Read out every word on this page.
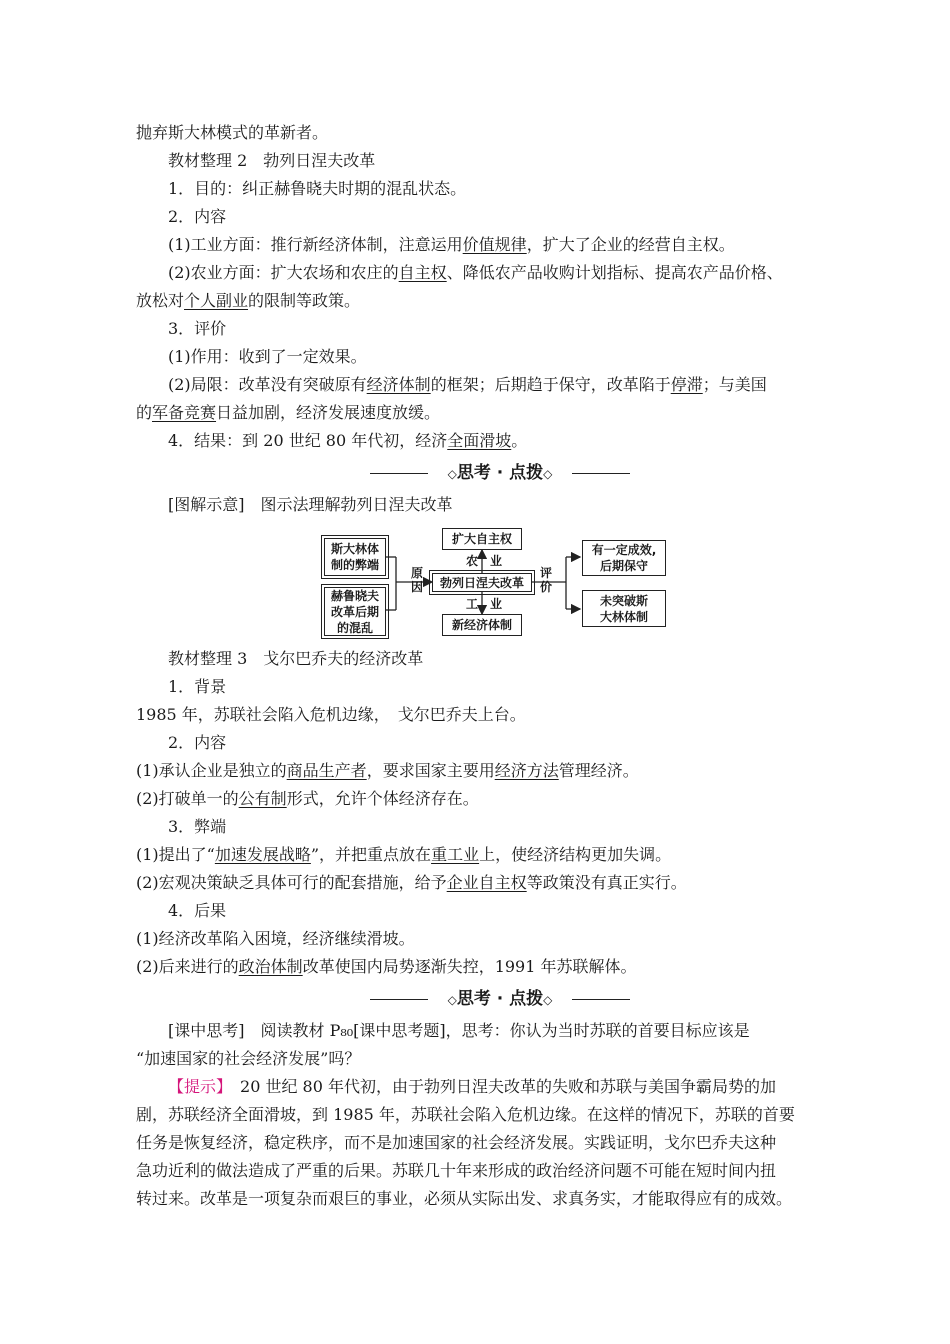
抛弃斯大林模式的革新者。
教材整理 2　勃列日涅夫改革
1．目的：纠正赫鲁晓夫时期的混乱状态。
2．内容
(1)工业方面：推行新经济体制，注意运用价值规律，扩大了企业的经营自主权。
(2)农业方面：扩大农场和农庄的自主权、降低农产品收购计划指标、提高农产品价格、
放松对个人副业的限制等政策。
3．评价
(1)作用：收到了一定效果。
(2)局限：改革没有突破原有经济体制的框架；后期趋于保守，改革陷于停滞；与美国
的军备竞赛日益加剧，经济发展速度放缓。
4．结果：到 20 世纪 80 年代初，经济全面滑坡。
◇思考 · 点拨◇
[图解示意]　图示法理解勃列日涅夫改革
扩大自主权
勃列日涅夫改革
新经济体制
斯大林体
制的弊端
赫鲁晓夫
改革后期
的混乱
有一定成效,
后期保守
未突破斯
大林体制
农　业
工　业
原因
评价
教材整理 3　戈尔巴乔夫的经济改革
1．背景
1985 年，苏联社会陷入危机边缘，　戈尔巴乔夫上台。
2．内容
(1)承认企业是独立的商品生产者，要求国家主要用经济方法管理经济。
(2)打破单一的公有制形式，允许个体经济存在。
3．弊端
(1)提出了“加速发展战略”，并把重点放在重工业上，使经济结构更加失调。
(2)宏观决策缺乏具体可行的配套措施，给予企业自主权等政策没有真正实行。
4．后果
(1)经济改革陷入困境，经济继续滑坡。
(2)后来进行的政治体制改革使国内局势逐渐失控，1991 年苏联解体。
◇思考 · 点拨◇
[课中思考]　阅读教材 P₈₀[课中思考题]，思考：你认为当时苏联的首要目标应该是
“加速国家的社会经济发展”吗？
【提示】　20 世纪 80 年代初，由于勃列日涅夫改革的失败和苏联与美国争霸局势的加
剧，苏联经济全面滑坡，到 1985 年，苏联社会陷入危机边缘。在这样的情况下，苏联的首要
任务是恢复经济，稳定秩序，而不是加速国家的社会经济发展。实践证明，戈尔巴乔夫这种
急功近利的做法造成了严重的后果。苏联几十年来形成的政治经济问题不可能在短时间内扭
转过来。改革是一项复杂而艰巨的事业，必须从实际出发、求真务实，才能取得应有的成效。
